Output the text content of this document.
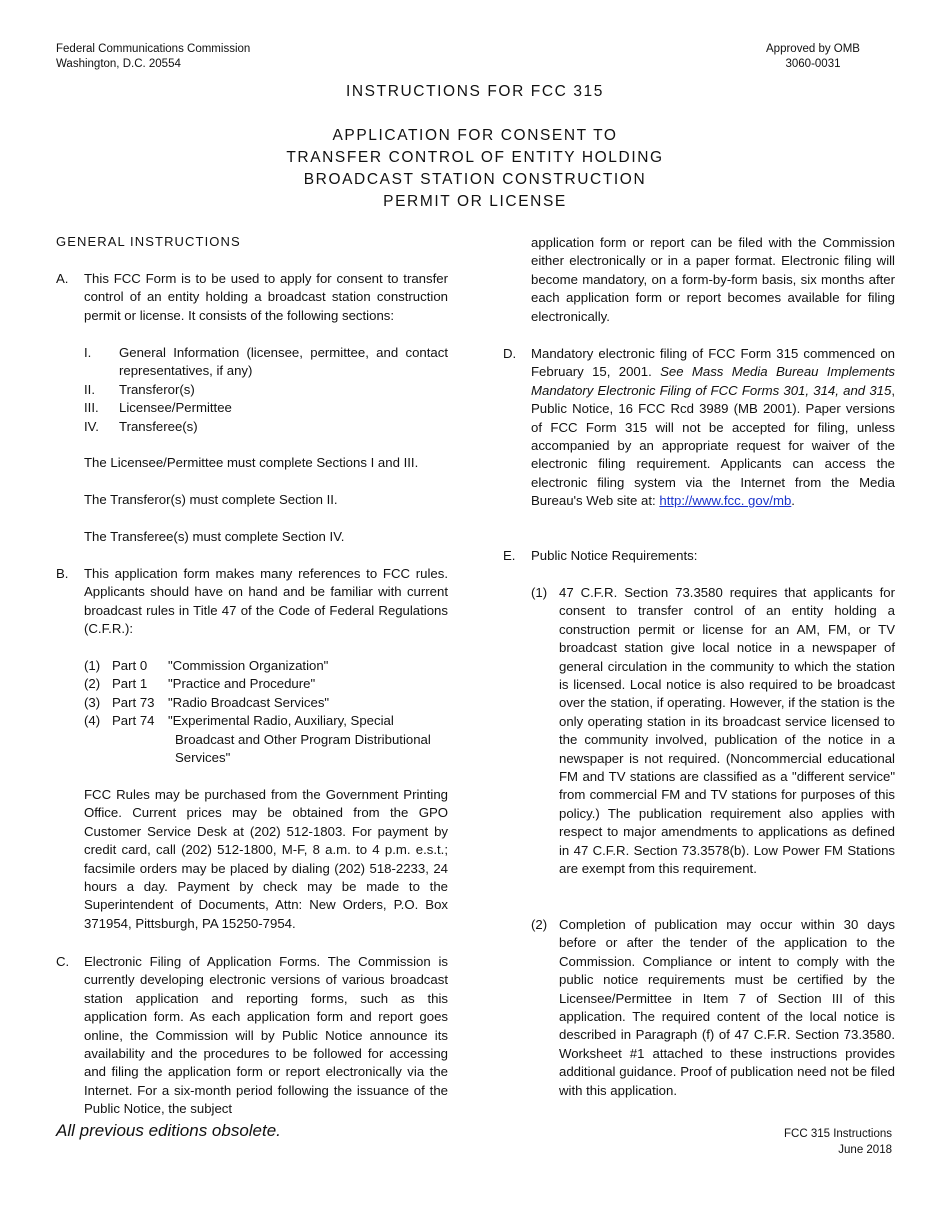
Federal Communications Commission
Washington, D.C. 20554
Approved by OMB
3060-0031
INSTRUCTIONS FOR FCC 315
APPLICATION FOR CONSENT TO
TRANSFER CONTROL OF ENTITY HOLDING
BROADCAST STATION CONSTRUCTION
PERMIT OR LICENSE
GENERAL INSTRUCTIONS
A. This FCC Form is to be used to apply for consent to transfer control of an entity holding a broadcast station construction permit or license. It consists of the following sections:
I. General Information (licensee, permittee, and contact representatives, if any)
II. Transferor(s)
III. Licensee/Permittee
IV. Transferee(s)
The Licensee/Permittee must complete Sections I and III.
The Transferor(s) must complete Section II.
The Transferee(s) must complete Section IV.
B. This application form makes many references to FCC rules. Applicants should have on hand and be familiar with current broadcast rules in Title 47 of the Code of Federal Regulations (C.F.R.):
(1) Part 0 "Commission Organization"
(2) Part 1 "Practice and Procedure"
(3) Part 73 "Radio Broadcast Services"
(4) Part 74 "Experimental Radio, Auxiliary, Special
Broadcast and Other Program Distributional
Services"
FCC Rules may be purchased from the Government Printing Office. Current prices may be obtained from the GPO Customer Service Desk at (202) 512-1803. For payment by credit card, call (202) 512-1800, M-F, 8 a.m. to 4 p.m. e.s.t.; facsimile orders may be placed by dialing (202) 518-2233, 24 hours a day. Payment by check may be made to the Superintendent of Documents, Attn: New Orders, P.O. Box 371954, Pittsburgh, PA 15250-7954.
C. Electronic Filing of Application Forms. The Commission is currently developing electronic versions of various broadcast station application and reporting forms, such as this application form. As each application form and report goes online, the Commission will by Public Notice announce its availability and the procedures to be followed for accessing and filing the application form or report electronically via the Internet. For a six-month period following the issuance of the Public Notice, the subject
application form or report can be filed with the Commission either electronically or in a paper format. Electronic filing will become mandatory, on a form-by-form basis, six months after each application form or report becomes available for filing electronically.
D. Mandatory electronic filing of FCC Form 315 commenced on February 15, 2001. See Mass Media Bureau Implements Mandatory Electronic Filing of FCC Forms 301, 314, and 315, Public Notice, 16 FCC Rcd 3989 (MB 2001). Paper versions of FCC Form 315 will not be accepted for filing, unless accompanied by an appropriate request for waiver of the electronic filing requirement. Applicants can access the electronic filing system via the Internet from the Media Bureau's Web site at: http://www.fcc. gov/mb.
E. Public Notice Requirements:
(1) 47 C.F.R. Section 73.3580 requires that applicants for consent to transfer control of an entity holding a construction permit or license for an AM, FM, or TV broadcast station give local notice in a newspaper of general circulation in the community to which the station is licensed. Local notice is also required to be broadcast over the station, if operating. However, if the station is the only operating station in its broadcast service licensed to the community involved, publication of the notice in a newspaper is not required. (Noncommercial educational FM and TV stations are classified as a "different service" from commercial FM and TV stations for purposes of this policy.) The publication requirement also applies with respect to major amendments to applications as defined in 47 C.F.R. Section 73.3578(b). Low Power FM Stations are exempt from this requirement.
(2) Completion of publication may occur within 30 days before or after the tender of the application to the Commission. Compliance or intent to comply with the public notice requirements must be certified by the Licensee/Permittee in Item 7 of Section III of this application. The required content of the local notice is described in Paragraph (f) of 47 C.F.R. Section 73.3580. Worksheet #1 attached to these instructions provides additional guidance. Proof of publication need not be filed with this application.
All previous editions obsolete.	FCC 315 Instructions
June 2018
